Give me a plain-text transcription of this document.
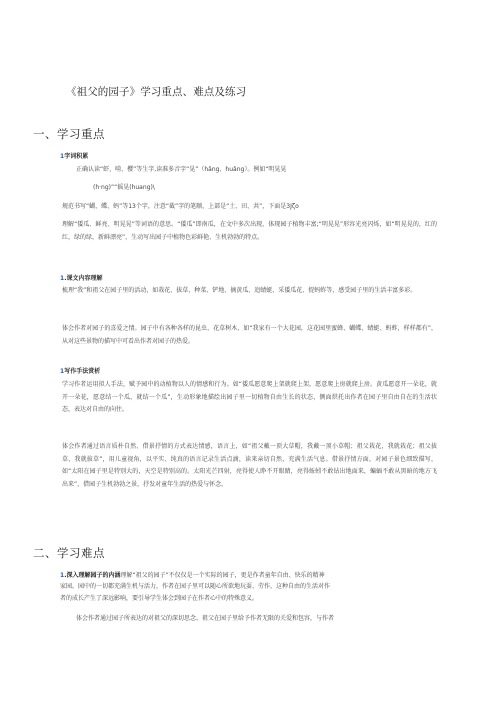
《祖父的园子》学习重点、难点及练习
一、学习重点
1字词积累
正确认读“虾、啃、樱”等生字,读准多音字“晃”（hǎng、huǎng）。例如“明晃晃
(h·ng)”“摇晃(huang)\
规范书写“蝴、蝶、蚂”等13个字，注意“截”字的笔顺，上部是“土、田、共”，下面是3Jζo
理解“倭瓜、鲜亮、明晃晃”等词语的意思。“倭瓜”即南瓜，在文中多次出现，体现园子植物丰富;“明晃晃”形容光亮闪烁，如“明晃晃的，红的红，绿的绿，新鲜漂亮”，生动写出园子中植物色彩鲜艳、生机勃勃的特点。
1.课文内容理解
梳理“我”和祖父在园子里的活动，如栽花、拔草、种菜、铲地、摘黄瓜、追蜻蜓、采倭瓜花、捉蚂蚱等，感受园子里的生活丰富多彩。
体会作者对园子的喜爱之情。园子中有各种各样的昆虫、花草树木，如“我家有一个大花园，这花园里蜜蜂、蝴蝶、蜻蜓、蚂蚱，样样都有”，从对这些景物的描写中可看出作者对园子的热爱。
1写作手法赏析
学习作者运用拟人手法，赋予园中的动植物以人的情感和行为。如“倭瓜愿意爬上架就爬上架，愿意爬上房就爬上房。黄瓜愿意开一朵花，就开一朵花，愿意结一个瓜，就结一个瓜”，生动形象地描绘出园子里一切植物自由生长的状态，侧面烘托出作者在园子里自由自在的生活状态，表达对自由的向往。
体会作者通过语言质朴自然、借景抒情的方式表达情感，语言上，如“祖父戴一顶大草帽，我戴一顶小草帽；祖父栽花，我就栽花；祖父拔草，我就拔草”，用儿童视角，以平实、纯真的语言记录生活点滴，读来亲切自然，充满生活气息。借景抒情方面，对园子景色细致描写，如“太阳在园子里是特别大的，天空是特别高的。太阳光芒四射，亮得使人睁不开眼睛，亮得蚯蚓不敢钻出地面来，蝙蝠不敢从黑暗的地方飞出来”，借园子生机勃勃之景，抒发对童年生活的热爱与怀念。
二、学习难点
1.深入理解园子的内涵理解“祖父的园子”不仅仅是一个实际的园子，更是作者童年自由、快乐的精神
家园。园中的一切都充满生机与活力，作者在园子里可以随心所欲地玩耍、劳作，这种自由的生活对作
者的成长产生了深远影响，要引导学生体会到园子在作者心中的特殊意义。
体会作者通过园子所表达的对祖父的深切思念。祖父在园子里给予作者无限的关爱和包容，与作者
